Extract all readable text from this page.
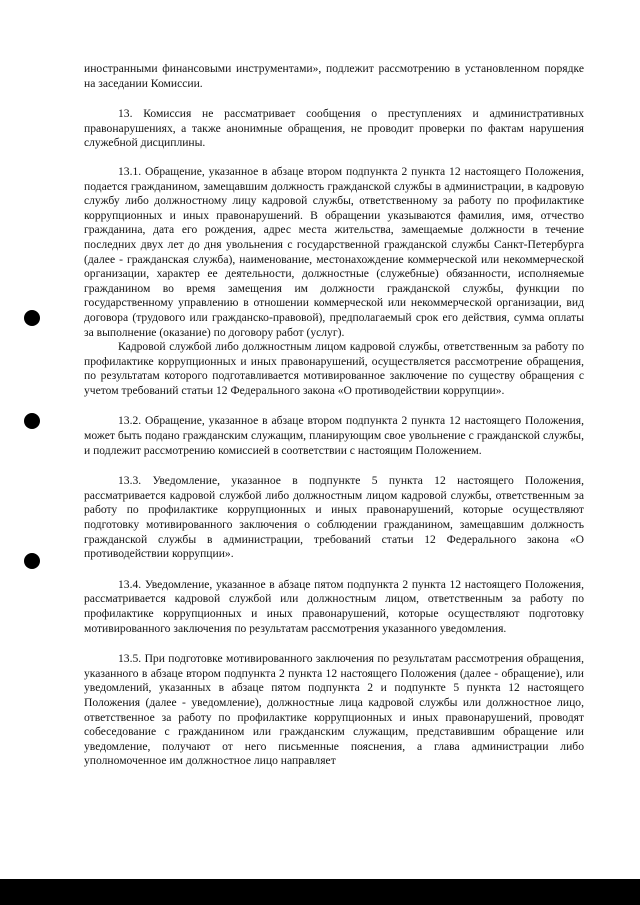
иностранными финансовыми инструментами», подлежит рассмотрению в установленном порядке на заседании Комиссии.

13. Комиссия не рассматривает сообщения о преступлениях и административных правонарушениях, а также анонимные обращения, не проводит проверки по фактам нарушения служебной дисциплины.

13.1. Обращение, указанное в абзаце втором подпункта 2 пункта 12 настоящего Положения, подается гражданином, замещавшим должность гражданской службы в администрации, в кадровую службу либо должностному лицу кадровой службы, ответственному за работу по профилактике коррупционных и иных правонарушений. В обращении указываются фамилия, имя, отчество гражданина, дата его рождения, адрес места жительства, замещаемые должности в течение последних двух лет до дня увольнения с государственной гражданской службы Санкт-Петербурга (далее - гражданская служба), наименование, местонахождение коммерческой или некоммерческой организации, характер ее деятельности, должностные (служебные) обязанности, исполняемые гражданином во время замещения им должности гражданской службы, функции по государственному управлению в отношении коммерческой или некоммерческой организации, вид договора (трудового или гражданско-правовой), предполагаемый срок его действия, сумма оплаты за выполнение (оказание) по договору работ (услуг).

Кадровой службой либо должностным лицом кадровой службы, ответственным за работу по профилактике коррупционных и иных правонарушений, осуществляется рассмотрение обращения, по результатам которого подготавливается мотивированное заключение по существу обращения с учетом требований статьи 12 Федерального закона «О противодействии коррупции».

13.2. Обращение, указанное в абзаце втором подпункта 2 пункта 12 настоящего Положения, может быть подано гражданским служащим, планирующим свое увольнение с гражданской службы, и подлежит рассмотрению комиссией в соответствии с настоящим Положением.

13.3. Уведомление, указанное в подпункте 5 пункта 12 настоящего Положения, рассматривается кадровой службой либо должностным лицом кадровой службы, ответственным за работу по профилактике коррупционных и иных правонарушений, которые осуществляют подготовку мотивированного заключения о соблюдении гражданином, замещавшим должность гражданской службы в администрации, требований статьи 12 Федерального закона «О противодействии коррупции».

13.4. Уведомление, указанное в абзаце пятом подпункта 2 пункта 12 настоящего Положения, рассматривается кадровой службой или должностным лицом, ответственным за работу по профилактике коррупционных и иных правонарушений, которые осуществляют подготовку мотивированного заключения по результатам рассмотрения указанного уведомления.

13.5. При подготовке мотивированного заключения по результатам рассмотрения обращения, указанного в абзаце втором подпункта 2 пункта 12 настоящего Положения (далее - обращение), или уведомлений, указанных в абзаце пятом подпункта 2 и подпункте 5 пункта 12 настоящего Положения (далее - уведомление), должностные лица кадровой службы или должностное лицо, ответственное за работу по профилактике коррупционных и иных правонарушений, проводят собеседование с гражданином или гражданским служащим, представившим обращение или уведомление, получают от него письменные пояснения, а глава администрации либо уполномоченное им должностное лицо направляет
